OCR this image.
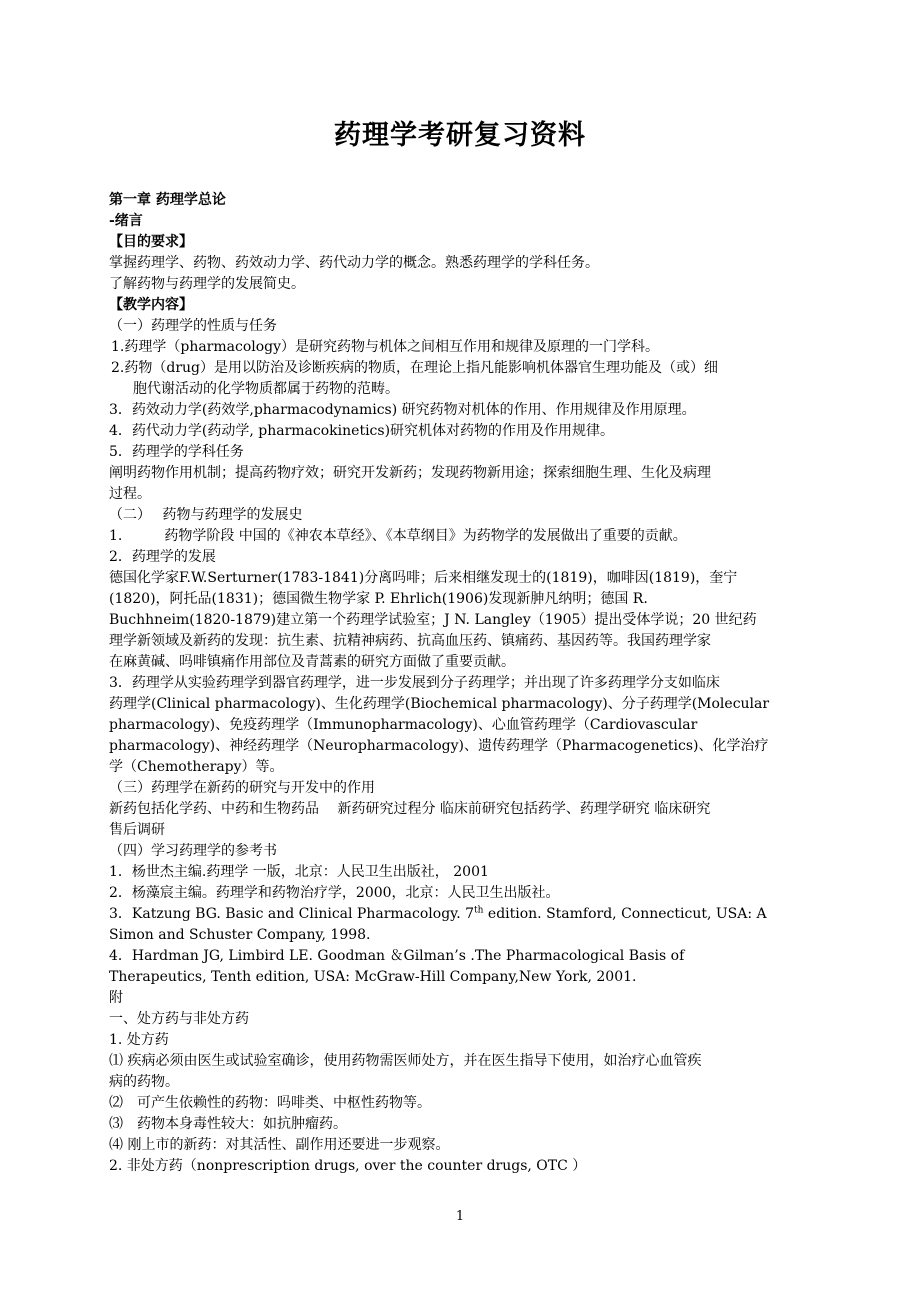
药理学考研复习资料

第一章 药理学总论

-绪言

【目的要求】

掌握药理学、药物、药效动力学、药代动力学的概念。熟悉药理学的学科任务。

了解药物与药理学的发展简史。

【教学内容】

（一）药理学的性质与任务

1.药理学（pharmacology）是研究药物与机体之间相互作用和规律及原理的一门学科。

2.药物（drug）是用以防治及诊断疾病的物质，在理论上指凡能影响机体器官生理功能及（或）细

胞代谢活动的化学物质都属于药物的范畴。

3．药效动力学(药效学,pharmacodynamics) 研究药物对机体的作用、作用规律及作用原理。

4．药代动力学(药动学, pharmacokinetics)研究机体对药物的作用及作用规律。

5．药理学的学科任务

阐明药物作用机制；提高药物疗效；研究开发新药；发现药物新用途；探索细胞生理、生化及病理

过程。

（二）　 药物与药理学的发展史

1.　　　药物学阶段 中国的《神农本草经》、《本草纲目》为药物学的发展做出了重要的贡献。

2．药理学的发展

德国化学家F.W.Serturner(1783-1841)分离吗啡；后来相继发现士的(1819)，咖啡因(1819)，奎宁

(1820)，阿托品(1831)；德国微生物学家 P. Ehrlich(1906)发现新胂凡纳明；德国 R.

Buchhneim(1820-1879)建立第一个药理学试验室；J N. Langley（1905）提出受体学说；20 世纪药

理学新领域及新药的发现：抗生素、抗精神病药、抗高血压药、镇痛药、基因药等。我国药理学家

在麻黄碱、吗啡镇痛作用部位及青蒿素的研究方面做了重要贡献。

3．药理学从实验药理学到器官药理学，进一步发展到分子药理学；并出现了许多药理学分支如临床

药理学(Clinical pharmacology)、生化药理学(Biochemical pharmacology)、分子药理学(Molecular

pharmacology)、免疫药理学（Immunopharmacology)、心血管药理学（Cardiovascular

pharmacology)、神经药理学（Neuropharmacology)、遗传药理学（Pharmacogenetics)、化学治疗

学（Chemotherapy）等。

（三）药理学在新药的研究与开发中的作用

新药包括化学药、中药和生物药品　 新药研究过程分 临床前研究包括药学、药理学研究 临床研究

售后调研

（四）学习药理学的参考书

1．杨世杰主编.药理学 一版，北京：人民卫生出版社， 2001

2．杨藻宸主编。药理学和药物治疗学，2000，北京：人民卫生出版社。

3．Katzung BG. Basic and Clinical Pharmacology. 7th edition. Stamford, Connecticut, USA: A

Simon and Schuster Company, 1998.

4．Hardman JG, Limbird LE. Goodman ＆Gilman’s .The Pharmacological Basis of

Therapeutics, Tenth edition, USA: McGraw-Hill Company,New York, 2001.

附

一、处方药与非处方药

1. 处方药

⑴ 疾病必须由医生或试验室确诊，使用药物需医师处方，并在医生指导下使用，如治疗心血管疾

病的药物。

⑵　可产生依赖性的药物：吗啡类、中枢性药物等。

⑶　药物本身毒性较大：如抗肿瘤药。

⑷ 刚上市的新药：对其活性、副作用还要进一步观察。

2. 非处方药（nonprescription drugs, over the counter drugs, OTC ）

1
